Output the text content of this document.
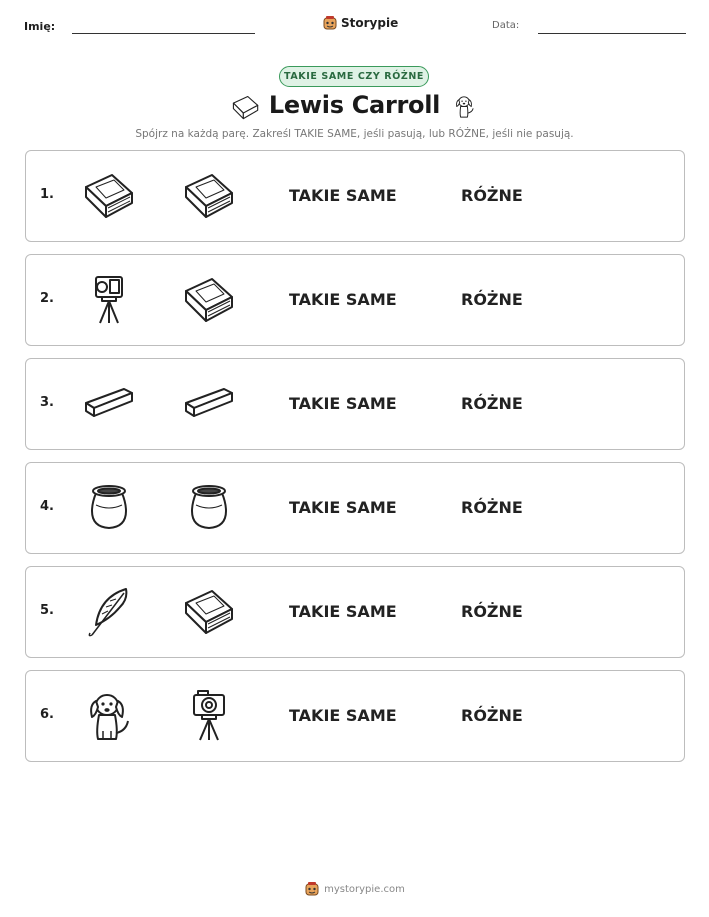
Imię:	Storypie	Data:
TAKIE SAME CZY RÓŻNE
Lewis Carroll
Spójrz na każdą parę. Zakreśl TAKIE SAME, jeśli pasują, lub RÓŻNE, jeśli nie pasują.
1.	TAKIE SAME	RÓŻNE
2.	TAKIE SAME	RÓŻNE
3.	TAKIE SAME	RÓŻNE
4.	TAKIE SAME	RÓŻNE
5.	TAKIE SAME	RÓŻNE
6.	TAKIE SAME	RÓŻNE
mystorypie.com
